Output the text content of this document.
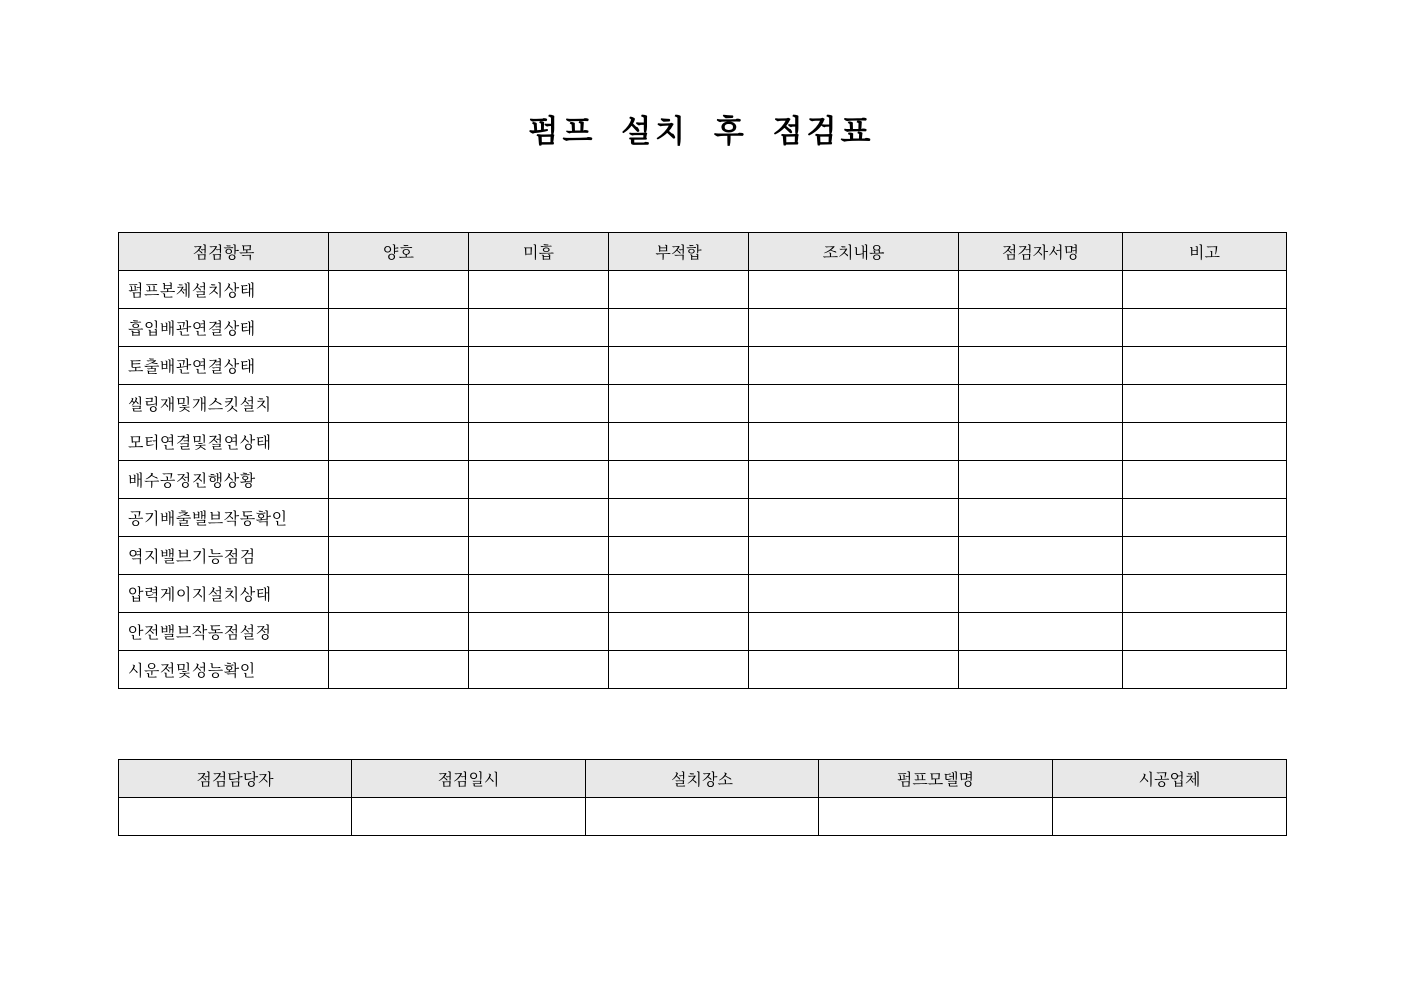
펌프 설치 후 점검표
점검항목	양호	미흡	부적합	조치내용	점검자서명	비고
펌프본체설치상태						
흡입배관연결상태						
토출배관연결상태						
씰링재및개스킷설치						
모터연결및절연상태						
배수공정진행상황						
공기배출밸브작동확인						
역지밸브기능점검						
압력게이지설치상태						
안전밸브작동점설정						
시운전및성능확인						
점검담당자	점검일시	설치장소	펌프모델명	시공업체
